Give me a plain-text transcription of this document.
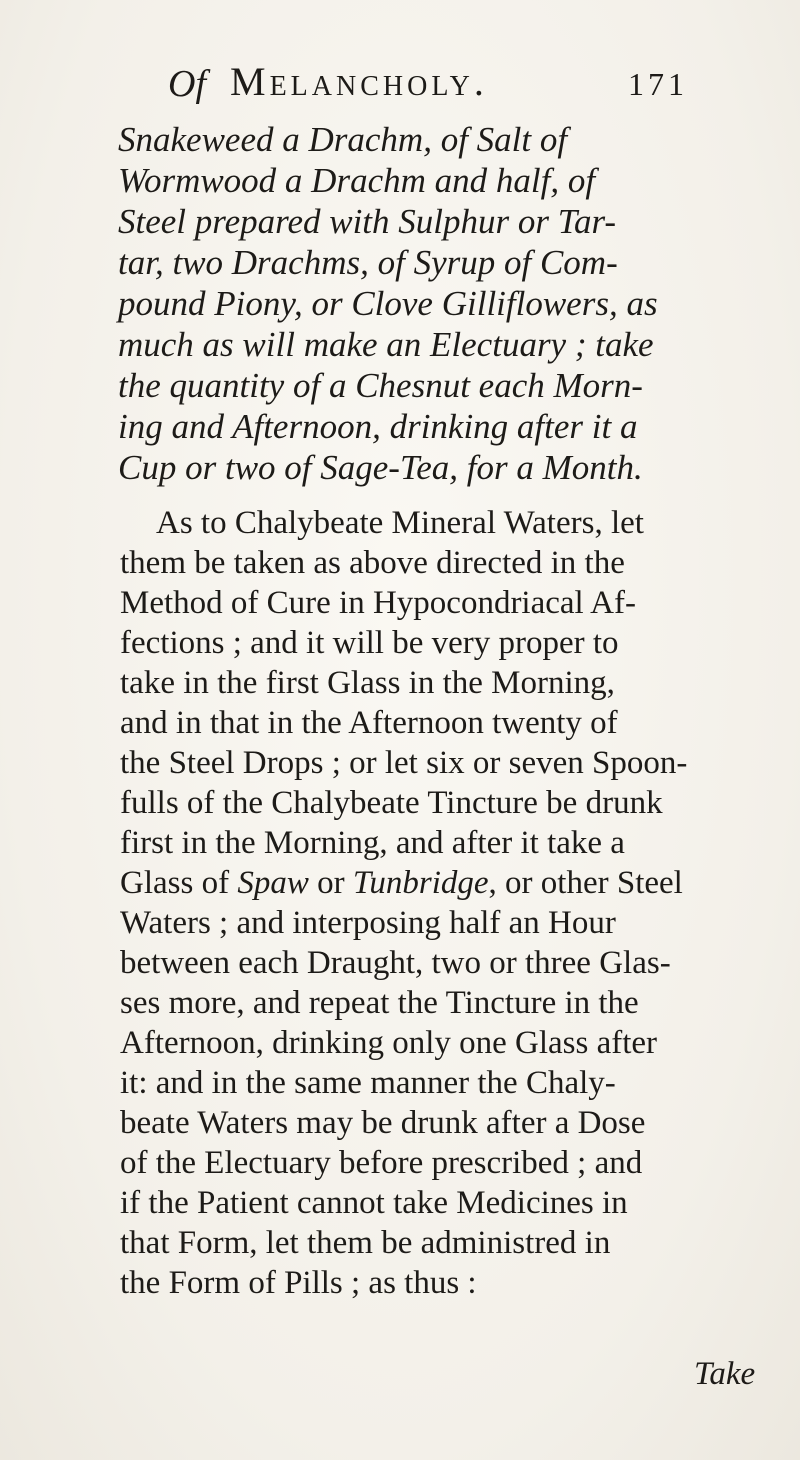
Of Melancholy.	171
Snakeweed a Drachm, of Salt of
Wormwood a Drachm and half, of
Steel prepared with Sulphur or Tar-
tar, two Drachms, of Syrup of Com-
pound Piony, or Clove Gilliflowers, as
much as will make an Electuary ; take
the quantity of a Chesnut each Morn-
ing and Afternoon, drinking after it a
Cup or two of Sage-Tea, for a Month.
As to Chalybeate Mineral Waters, let
them be taken as above directed in the
Method of Cure in Hypocondriacal Af-
fections ; and it will be very proper to
take in the first Glass in the Morning,
and in that in the Afternoon twenty of
the Steel Drops ; or let six or seven Spoon-
fulls of the Chalybeate Tincture be drunk
first in the Morning, and after it take a
Glass of Spaw or Tunbridge, or other Steel
Waters ; and interposing half an Hour
between each Draught, two or three Glas-
ses more, and repeat the Tincture in the
Afternoon, drinking only one Glass after
it: and in the same manner the Chaly-
beate Waters may be drunk after a Dose
of the Electuary before prescribed ; and
if the Patient cannot take Medicines in
that Form, let them be administred in
the Form of Pills ; as thus :
Take
